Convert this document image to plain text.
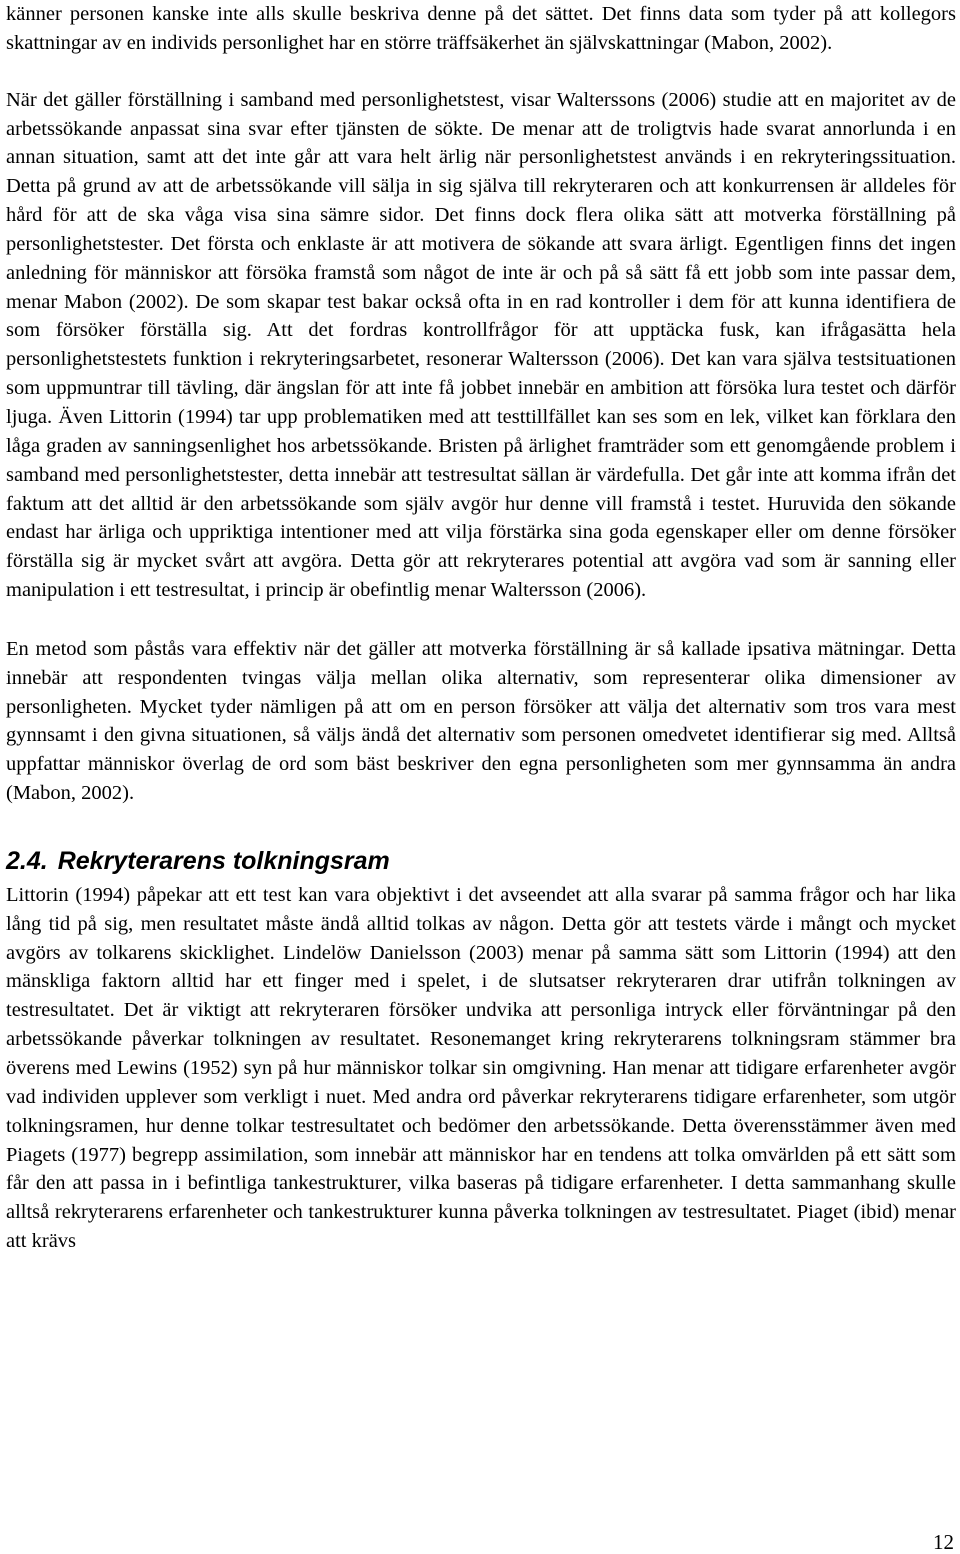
känner personen kanske inte alls skulle beskriva denne på det sättet. Det finns data som tyder på att kollegors skattningar av en individs personlighet har en större träffsäkerhet än självskattningar (Mabon, 2002).

När det gäller förställning i samband med personlighetstest, visar Walterssons (2006) studie att en majoritet av de arbetssökande anpassat sina svar efter tjänsten de sökte. De menar att de troligtvis hade svarat annorlunda i en annan situation, samt att det inte går att vara helt ärlig när personlighetstest används i en rekryteringssituation. Detta på grund av att de arbetssökande vill sälja in sig själva till rekryteraren och att konkurrensen är alldeles för hård för att de ska våga visa sina sämre sidor. Det finns dock flera olika sätt att motverka förställning på personlighetstester. Det första och enklaste är att motivera de sökande att svara ärligt. Egentligen finns det ingen anledning för människor att försöka framstå som något de inte är och på så sätt få ett jobb som inte passar dem, menar Mabon (2002). De som skapar test bakar också ofta in en rad kontroller i dem för att kunna identifiera de som försöker förställa sig. Att det fordras kontrollfrågor för att upptäcka fusk, kan ifrågasätta hela personlighetstestets funktion i rekryteringsarbetet, resonerar Waltersson (2006). Det kan vara själva testsituationen som uppmuntrar till tävling, där ängslan för att inte få jobbet innebär en ambition att försöka lura testet och därför ljuga. Även Littorin (1994) tar upp problematiken med att testtillfället kan ses som en lek, vilket kan förklara den låga graden av sanningsenlighet hos arbetssökande. Bristen på ärlighet framträder som ett genomgående problem i samband med personlighetstester, detta innebär att testresultat sällan är värdefulla. Det går inte att komma ifrån det faktum att det alltid är den arbetssökande som själv avgör hur denne vill framstå i testet. Huruvida den sökande endast har ärliga och uppriktiga intentioner med att vilja förstärka sina goda egenskaper eller om denne försöker förställa sig är mycket svårt att avgöra. Detta gör att rekryterares potential att avgöra vad som är sanning eller manipulation i ett testresultat, i princip är obefintlig menar Waltersson (2006).

En metod som påstås vara effektiv när det gäller att motverka förställning är så kallade ipsativa mätningar. Detta innebär att respondenten tvingas välja mellan olika alternativ, som representerar olika dimensioner av personligheten. Mycket tyder nämligen på att om en person försöker att välja det alternativ som tros vara mest gynnsamt i den givna situationen, så väljs ändå det alternativ som personen omedvetet identifierar sig med. Alltså uppfattar människor överlag de ord som bäst beskriver den egna personligheten som mer gynnsamma än andra (Mabon, 2002).

2.4. Rekryterarens tolkningsram

Littorin (1994) påpekar att ett test kan vara objektivt i det avseendet att alla svarar på samma frågor och har lika lång tid på sig, men resultatet måste ändå alltid tolkas av någon. Detta gör att testets värde i mångt och mycket avgörs av tolkarens skicklighet. Lindelöw Danielsson (2003) menar på samma sätt som Littorin (1994) att den mänskliga faktorn alltid har ett finger med i spelet, i de slutsatser rekryteraren drar utifrån tolkningen av testresultatet. Det är viktigt att rekryteraren försöker undvika att personliga intryck eller förväntningar på den arbetssökande påverkar tolkningen av resultatet. Resonemanget kring rekryterarens tolkningsram stämmer bra överens med Lewins (1952) syn på hur människor tolkar sin omgivning. Han menar att tidigare erfarenheter avgör vad individen upplever som verkligt i nuet. Med andra ord påverkar rekryterarens tidigare erfarenheter, som utgör tolkningsramen, hur denne tolkar testresultatet och bedömer den arbetssökande. Detta överensstämmer även med Piagets (1977) begrepp assimilation, som innebär att människor har en tendens att tolka omvärlden på ett sätt som får den att passa in i befintliga tankestrukturer, vilka baseras på tidigare erfarenheter. I detta sammanhang skulle alltså rekryterarens erfarenheter och tankestrukturer kunna påverka tolkningen av testresultatet. Piaget (ibid) menar att krävs

12
